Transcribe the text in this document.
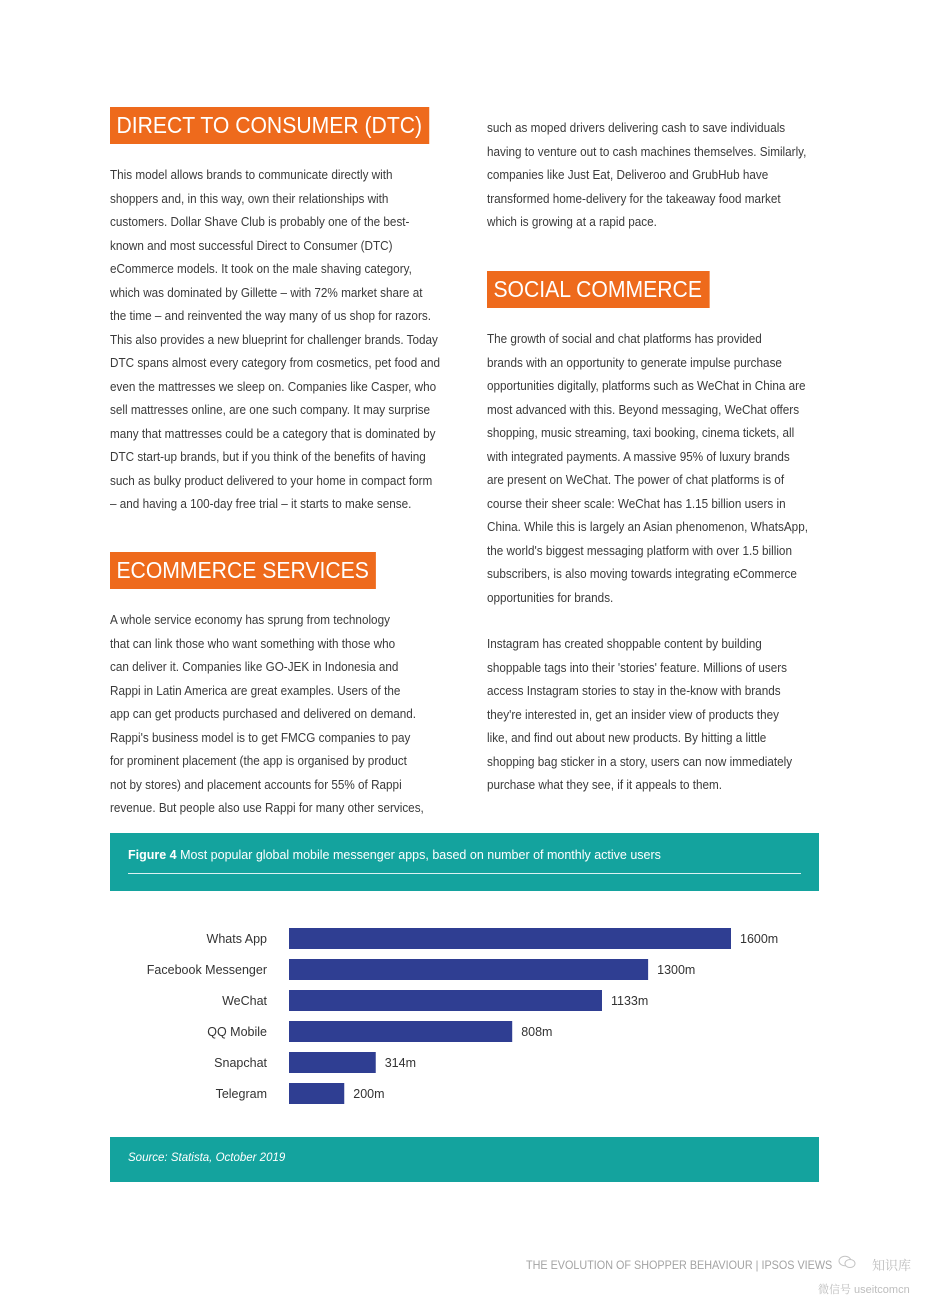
DIRECT TO CONSUMER (DTC)
This model allows brands to communicate directly with
shoppers and, in this way, own their relationships with
customers. Dollar Shave Club is probably one of the best-
known and most successful Direct to Consumer (DTC)
eCommerce models. It took on the male shaving category,
which was dominated by Gillette – with 72% market share at
the time – and reinvented the way many of us shop for razors.
This also provides a new blueprint for challenger brands. Today
DTC spans almost every category from cosmetics, pet food and
even the mattresses we sleep on. Companies like Casper, who
sell mattresses online, are one such company. It may surprise
many that mattresses could be a category that is dominated by
DTC start-up brands, but if you think of the benefits of having
such as bulky product delivered to your home in compact form
– and having a 100-day free trial – it starts to make sense.
ECOMMERCE SERVICES
A whole service economy has sprung from technology
that can link those who want something with those who
can deliver it. Companies like GO-JEK in Indonesia and
Rappi in Latin America are great examples. Users of the
app can get products purchased and delivered on demand.
Rappi's business model is to get FMCG companies to pay
for prominent placement (the app is organised by product
not by stores) and placement accounts for 55% of Rappi
revenue. But people also use Rappi for many other services,
such as moped drivers delivering cash to save individuals
having to venture out to cash machines themselves. Similarly,
companies like Just Eat, Deliveroo and GrubHub have
transformed home-delivery for the takeaway food market
which is growing at a rapid pace.
SOCIAL COMMERCE
The growth of social and chat platforms has provided
brands with an opportunity to generate impulse purchase
opportunities digitally, platforms such as WeChat in China are
most advanced with this. Beyond messaging, WeChat offers
shopping, music streaming, taxi booking, cinema tickets, all
with integrated payments. A massive 95% of luxury brands
are present on WeChat. The power of chat platforms is of
course their sheer scale: WeChat has 1.15 billion users in
China. While this is largely an Asian phenomenon, WhatsApp,
the world's biggest messaging platform with over 1.5 billion
subscribers, is also moving towards integrating eCommerce
opportunities for brands.
Instagram has created shoppable content by building
shoppable tags into their 'stories' feature. Millions of users
access Instagram stories to stay in the-know with brands
they're interested in, get an insider view of products they
like, and find out about new products. By hitting a little
shopping bag sticker in a story, users can now immediately
purchase what they see, if it appeals to them.
Figure 4 Most popular global mobile messenger apps, based on number of monthly active users
Whats App	1600m
Facebook Messenger	1300m
WeChat	1133m
QQ Mobile	808m
Snapchat	314m
Telegram	200m
Source: Statista, October 2019
THE EVOLUTION OF SHOPPER BEHAVIOUR | IPSOS VIEWS	知识库
微信号 useitcomcn
